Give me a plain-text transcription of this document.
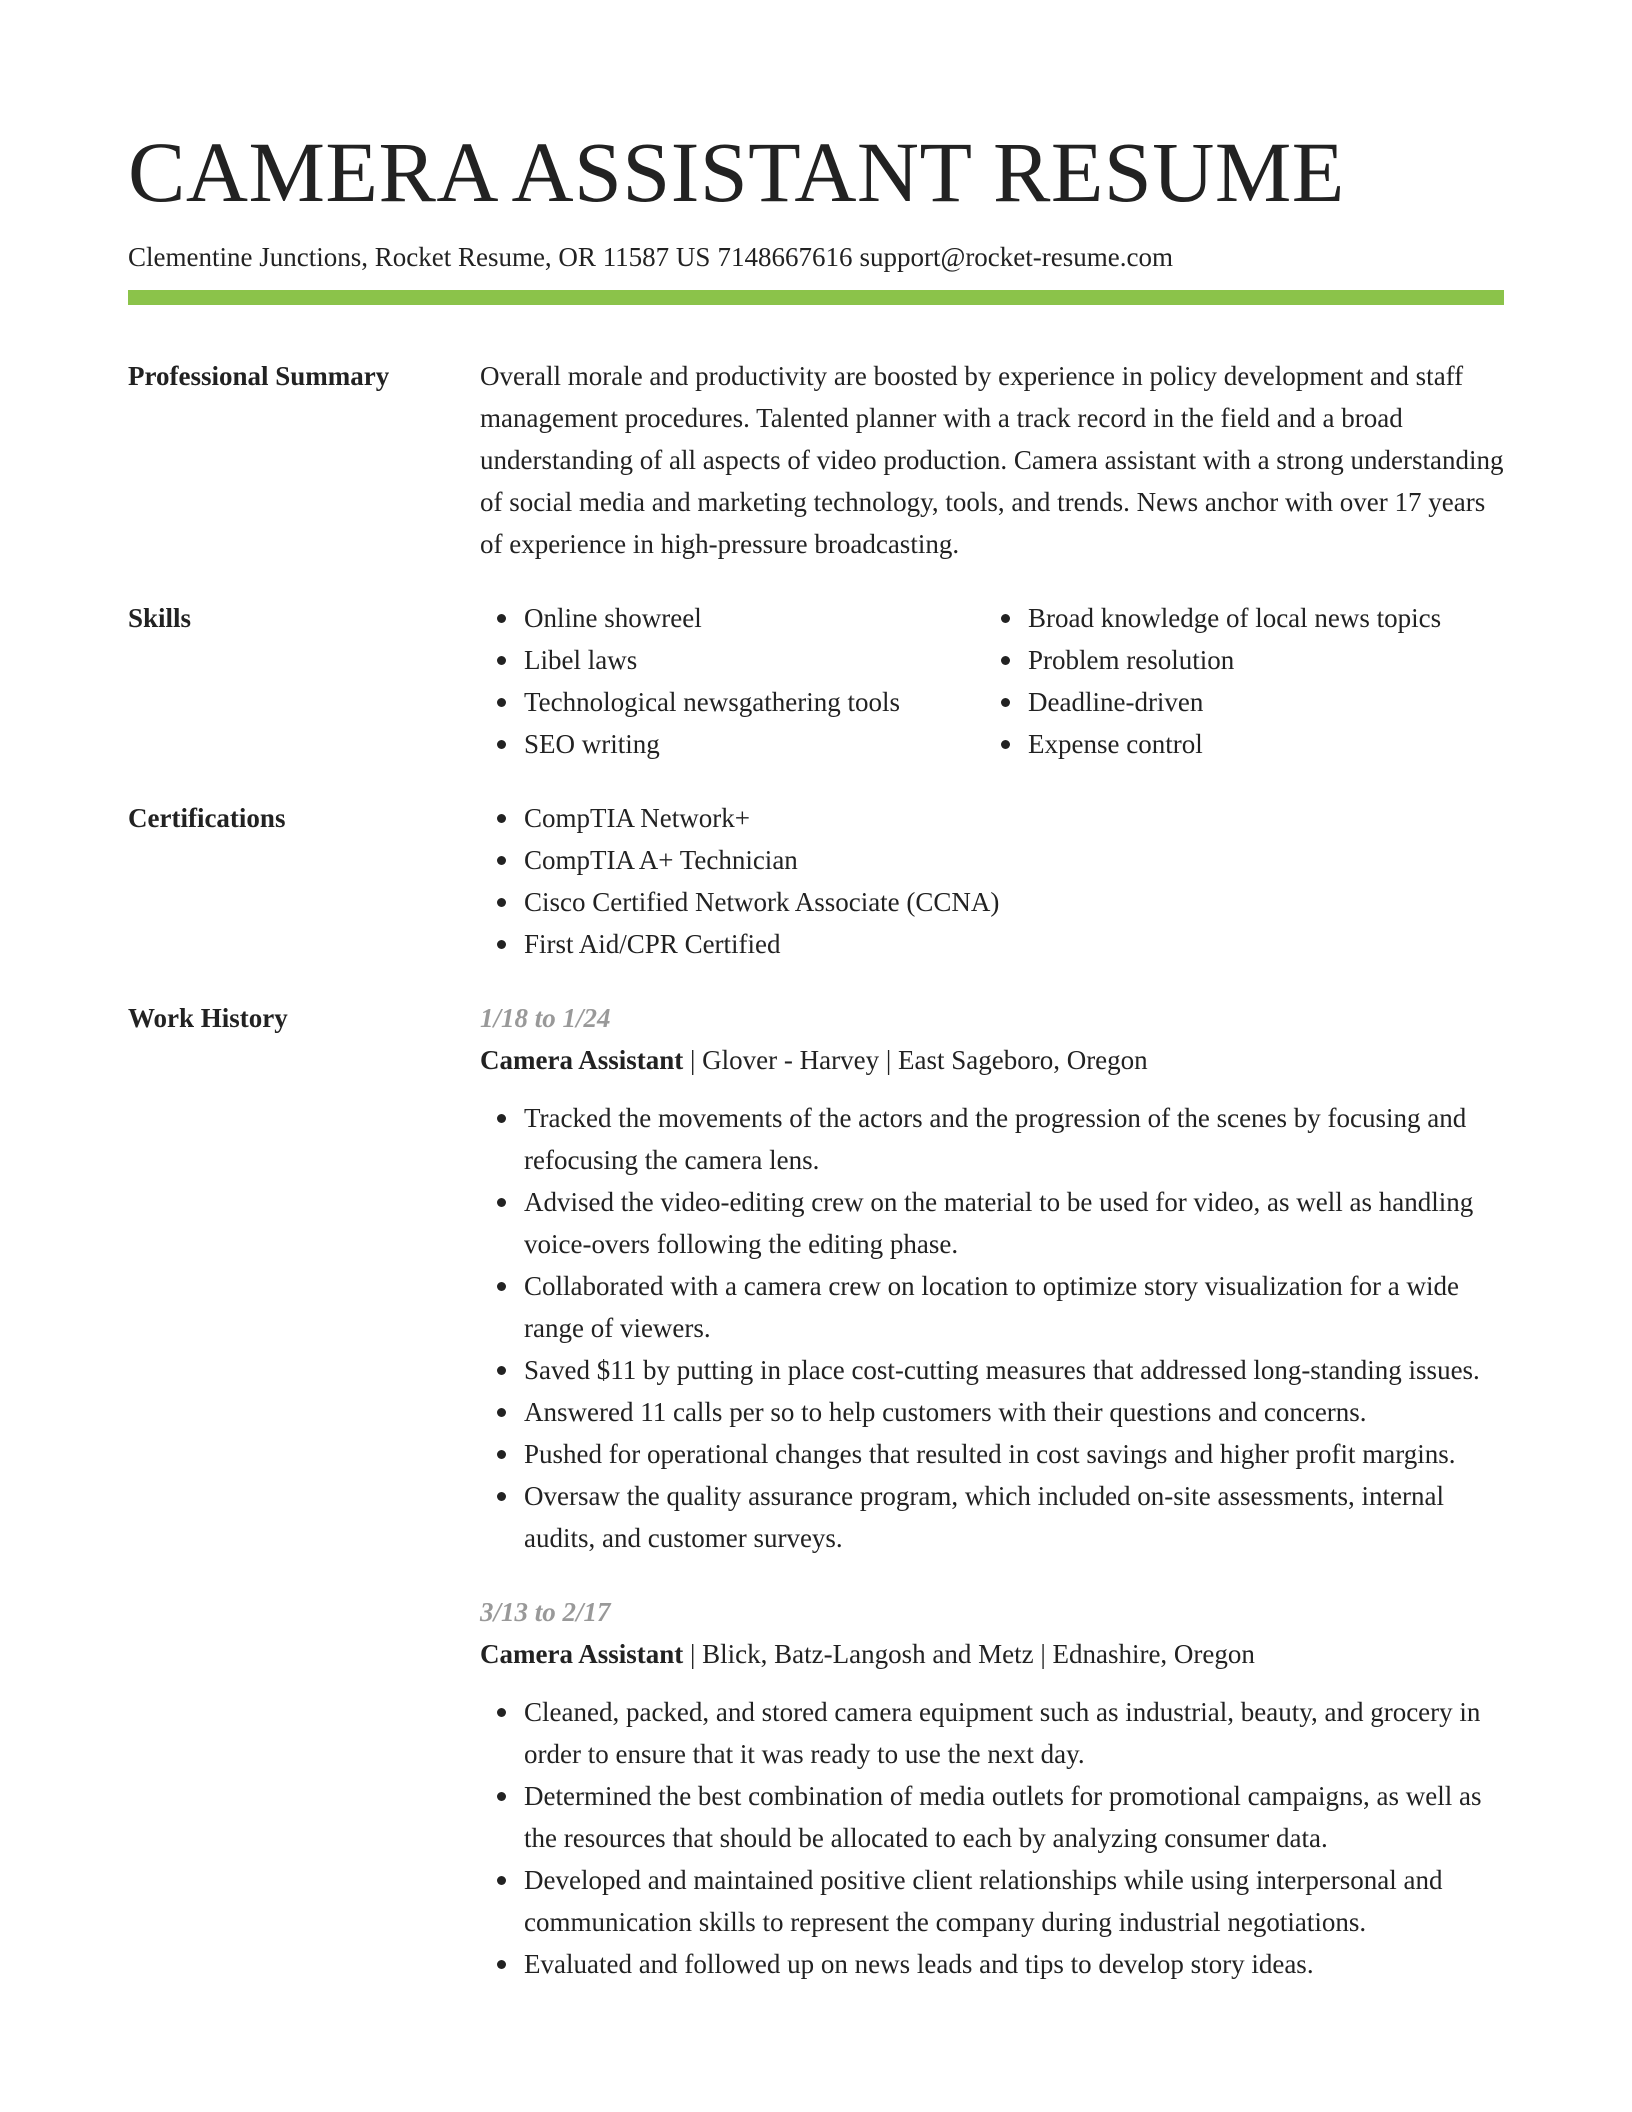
CAMERA ASSISTANT RESUME
Clementine Junctions, Rocket Resume, OR 11587 US 7148667616 support@rocket-resume.com
Professional Summary	Overall morale and productivity are boosted by experience in policy development and staff management procedures. Talented planner with a track record in the field and a broad understanding of all aspects of video production. Camera assistant with a strong understanding of social media and marketing technology, tools, and trends. News anchor with over 17 years of experience in high-pressure broadcasting.

Skills	Online showreel
Libel laws
Technological newsgathering tools
SEO writing
Broad knowledge of local news topics
Problem resolution
Deadline-driven
Expense control
Certifications	CompTIA Network+
CompTIA A+ Technician
Cisco Certified Network Associate (CCNA)
First Aid/CPR Certified
Work History	1/18 to 1/24
Camera Assistant | Glover - Harvey | East Sageboro, Oregon
Tracked the movements of the actors and the progression of the scenes by focusing and refocusing the camera lens.
Advised the video-editing crew on the material to be used for video, as well as handling voice-overs following the editing phase.
Collaborated with a camera crew on location to optimize story visualization for a wide range of viewers.
Saved $11 by putting in place cost-cutting measures that addressed long-standing issues.
Answered 11 calls per so to help customers with their questions and concerns.
Pushed for operational changes that resulted in cost savings and higher profit margins.
Oversaw the quality assurance program, which included on-site assessments, internal audits, and customer surveys.
3/13 to 2/17
Camera Assistant | Blick, Batz-Langosh and Metz | Ednashire, Oregon
Cleaned, packed, and stored camera equipment such as industrial, beauty, and grocery in order to ensure that it was ready to use the next day.
Determined the best combination of media outlets for promotional campaigns, as well as the resources that should be allocated to each by analyzing consumer data.
Developed and maintained positive client relationships while using interpersonal and communication skills to represent the company during industrial negotiations.
Evaluated and followed up on news leads and tips to develop story ideas.
